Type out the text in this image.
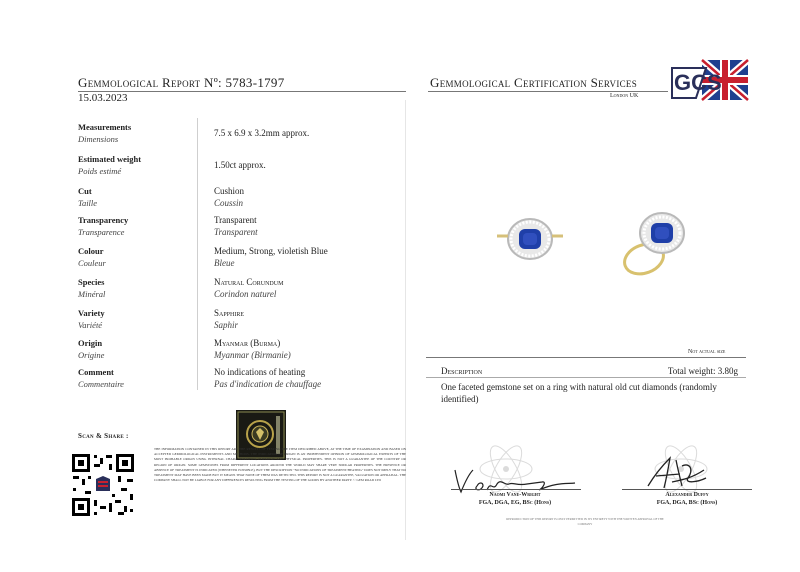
Gemmological Report Nº: 5783-1797
15.03.2023
Gemmological Certification Services
London UK
GCS
Measurements
Dimensions
7.5 x 6.9 x 3.2mm approx.
Estimated weight
Poids estimé
1.50ct approx.
Cut
Taille
Cushion
Coussin
Transparency
Transparence
Transparent
Transparent
Colour
Couleur
Medium, Strong, violetish Blue
Bleue
Species
Minéral
Natural Corundum
Corindon naturel
Variety
Variété
Sapphire
Saphir
Origin
Origine
Myanmar (Burma)
Myanmar (Birmanie)
Comment
Commentaire
No indications of heating
Pas d'indication de chauffage
Scan & Share :
THE INFORMATION CONTAINED IN THIS REPORT ARE THE RESULTS OF TESTING THE ITEM DESCRIBED ABOVE, AT THE TIME OF EXAMINATION AND BASED ON ACCEPTED GEMMOLOGICAL INSTRUMENTS AND METHODS. THE INDICATION OF ORIGIN IS AN INDEPENDENT OPINION OF GEMMOLOGICAL EXPERTS OF THE MOST PROBABLE ORIGIN USING INTERNAL CHARACTERISTICS, CHEMICAL AND PHYSICAL PROPERTIES. THIS IS NOT A GUARANTEE OF THE COUNTRY OR REGION OF ORIGIN. SOME GEMSTONES FROM DIFFERENT LOCATIONS AROUND THE WORLD MAY SHARE VERY SIMILAR PROPERTIES. THE PRESENCE OR ABSENCE OF TREATMENT IS INDICATED (WHENEVER POSSIBLE), BUT THE DESCRIPTION "NO INDICATIONS OF TREATMENT/HEATING" DOES NOT IMPLY THAT NO TREATMENT MAY HAVE BEEN MADE BUT IT MEANS THAT NONE OF THEM WAS DETECTED. THIS REPORT IS NOT A GUARANTEE, VALUATION OR APPRAISAL. THE COMPANY SHALL NOT BE LIABLE FOR ANY DIFFERENCES RESULTING FROM THE TESTING OF THE GOODS BY ANOTHER PARTY. © GEM ROAD LTD
Not actual size
Description	Total weight: 3.80g
One faceted gemstone set on a ring with natural old cut diamonds (randomly identified)
Naomi Vane-Wright
FGA, DGA, EG, BSc (Hons)
Alexander Duffy
FGA, DGA, BSc (Hons)
REPRODUCTION OF THIS REPORT IS ONLY PERMITTED IN ITS ENTIRETY WITH THE WRITTEN APPROVAL OF THE COMPANY
